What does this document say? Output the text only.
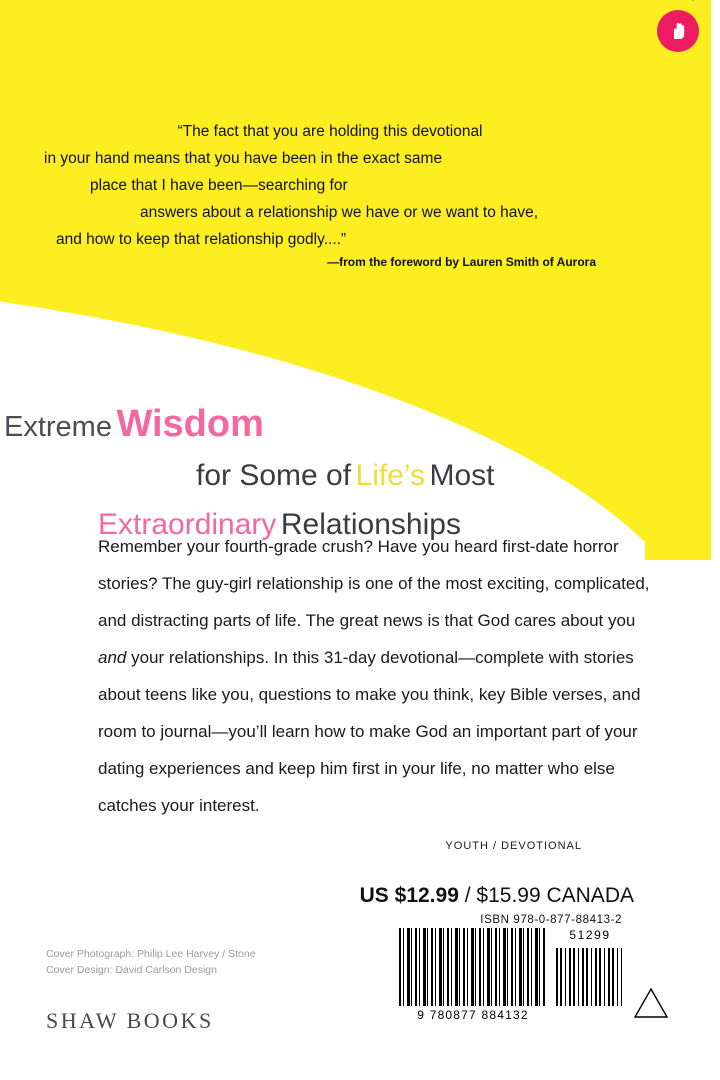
“The fact that you are holding this devotional
in your hand means that you have been in the exact same
place that I have been—searching for
answers about a relationship we have or we want to have,
and how to keep that relationship godly....”
—from the foreword by Lauren Smith of Aurora
Extreme Wisdom
for Some of Life’s Most
Extraordinary Relationships
Remember your fourth-grade crush? Have you heard first-date horror stories? The guy-girl relationship is one of the most exciting, complicated, and distracting parts of life. The great news is that God cares about you and your relationships. In this 31-day devotional—complete with stories about teens like you, questions to make you think, key Bible verses, and room to journal—you’ll learn how to make God an important part of your dating experiences and keep him first in your life, no matter who else catches your interest.
YOUTH / DEVOTIONAL
US $12.99 / $15.99 CANADA
ISBN 978-0-877-88413-2
9 780877 884132
51299
Cover Photograph: Philip Lee Harvey / Stone
Cover Design: David Carlson Design
SHAW BOOKS
